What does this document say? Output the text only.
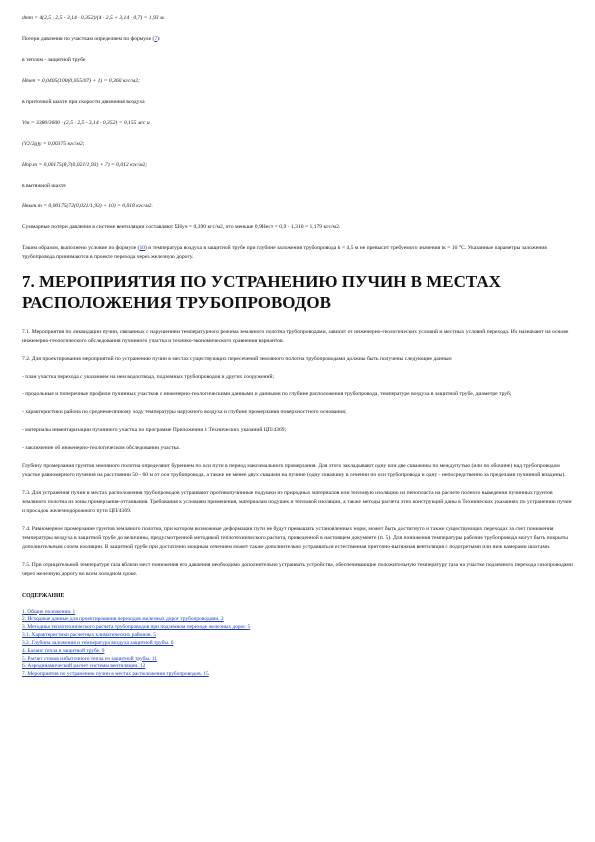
dтm = 4(2,5 · 2,5 - 3,14 · 0,352)/(4 · 2,5 + 3,14 · 0,7) = 1,93 м.

Потери давления по участкам определяем по формуле (7):

в теплом - защитной трубе

Нтеп = 0,0405(100(0,055/07) + 1) = 0,360 кгс/м2;

в приточной шахте при скорости движения воздуха

Vm = 3380/3600 · (2,5 · 2,5 - 3,14 · 0,352) = 0,155 м/с и

(V2/2g)γ = 0,00375 кгс/м2;

Нпр.m = 0,00175(8,7(0,021/1,93) + 7) = 0,012 кгс/м2;

в вытяжной шахте

Нвыт.m = 0,00175(72(0,021/1,93) + 10) = 0,018 кгс/м2.

Суммарные потери давления в системе вентиляции составляют ΣНуч = 0,390 кгс/м2, что меньше 0,9Нест = 0,9 · 1,310 = 1,179 кгс/м2.

Таким образом, выполнено условие по формуле (10) и температура воздуха в защитной трубе при глубине заложения трубопровода h = 4,5 м не превысит требуемого значения tк = 10 °С. Указанные параметры заложения трубопровода принимаются в проекте перехода через железную дорогу.

7. МЕРОПРИЯТИЯ ПО УСТРАНЕНИЮ ПУЧИН В МЕСТАХ РАСПОЛОЖЕНИЯ ТРУБОПРОВОДОВ

7.1. Мероприятия по ликвидации пучин, связанных с нарушением температурного режима земляного полотна трубопроводами, зависят от инженерно-геологических условий и местных условий перехода. Их назначают на основе инженерно-геологического обследования пучинного участка и технико-экономического сравнения вариантов.

7.2. Для проектирования мероприятий по устранению пучин в местах существующих пересечений земляного полотна трубопроводами должны быть получены следующие данные:

- план участка перехода с указанием на нем водоотвода, подземных трубопроводов и других сооружений;

- продольные и поперечные профили пучинных участков с инженерно-геологическими данными и данными по глубине расположения трубопровода, температуре воздуха в защитной трубе, диаметре труб;

- характеристики района по среднемесячному ходу температуры наружного воздуха и глубине промерзания поверхностного основания;

- материалы инвентаризации пучинного участка по программе Приложения 1 Технических указаний ЦП/4369;

- заключение об инженерно-геологическом обследовании участка.

Глубину промерзания грунтов земляного полотна определяют бурением по оси пути в период максимального промерзания. Для этого закладывают одну или две скважины по междупутью (или по обочине) над трубопроводом участке равномерного пучения на расстоянии 50 - 60 м от оси трубопровода, а также не менее двух скважин на пучине (одну скважину в сечении по оси трубопровода и одну - непосредственно за пределами пучинной впадины).

7.3. Для устранения пучин в местах расположения трубопроводов устраивают противопучинные подушки из природных материалов или тепловую изоляцию из пенопласта на расчете полного выведения пучинных грунтов земляного полотна из зоны промерзания-оттаивания. Требования к условиям применения, материалам подушек и тепловой изоляции, а также методы расчета этих конструкций даны в Технических указаниях по устранению пучин и просадок железнодорожного пути ЦП/4369.

7.4. Равномерное промерзание грунтов земляного полотна, при котором возможные деформации пути не будут превышать установленных норм, может быть достигнуто и также существующих переходах за счет понижения температуры воздуха в защитной трубе до величины, предусмотренной методикой теплотехнического расчета, приведенной в настоящем документе (п. 5). Для понижения температуры рабочие трубопровода могут быть покрыты дополнительным слоем изоляции. В защитной трубе при достаточно мощным сечением может также дополнительно устраиваться естественная приточно-вытяжная вентиляция с подогретыми или ниж камерами шахтами.

7.5. При отрицательной температуре газа вблизи мест понижения его давления необходимо дополнительно устраивать устройства, обеспечивающие положительную температуру газа на участке подземного перехода газопроводами через железную дорогу во всем холодном сроке.

СОДЕРЖАНИЕ
1. Общие положения. 1
2. Исходные данные для проектирования переходов железных дорог трубопроводами. 2
3. Методика теплотехнического расчета трубопроводов при подземном переходе железных дорог. 5
3.1. Характеристики расчетных климатических районов. 5
3.2. Глубина заложения и температура воздуха защитной трубы. 6
4. Баланс тепла в защитной трубе. 9
5. Расчет стоков избыточного тепла из защитной трубы. 11
6. Аэродинамический расчет системы вентиляции. 12
7. Мероприятия по устранению пучин в местах расположения трубопроводов. 15
